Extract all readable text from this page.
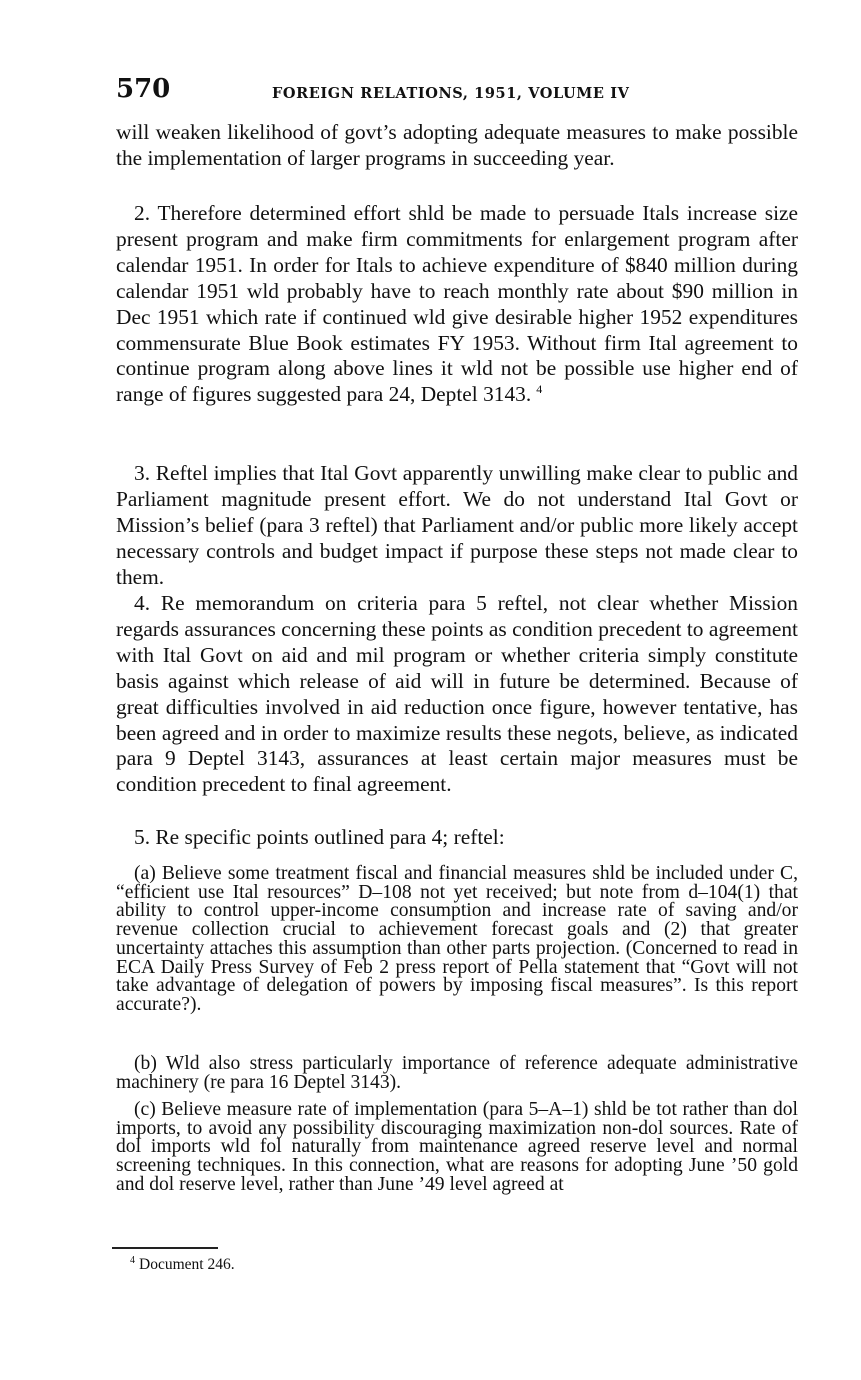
570	FOREIGN RELATIONS, 1951, VOLUME IV

will weaken likelihood of govt’s adopting adequate measures to make possible the implementation of larger programs in succeeding year.

2. Therefore determined effort shld be made to persuade Itals increase size present program and make firm commitments for enlargement program after calendar 1951. In order for Itals to achieve expenditure of $840 million during calendar 1951 wld probably have to reach monthly rate about $90 million in Dec 1951 which rate if continued wld give desirable higher 1952 expenditures commensurate Blue Book estimates FY 1953. Without firm Ital agreement to continue program along above lines it wld not be possible use higher end of range of figures suggested para 24, Deptel 3143. $^4$

3. Reftel implies that Ital Govt apparently unwilling make clear to public and Parliament magnitude present effort. We do not understand Ital Govt or Mission’s belief (para 3 reftel) that Parliament and/or public more likely accept necessary controls and budget impact if purpose these steps not made clear to them.

4. Re memorandum on criteria para 5 reftel, not clear whether Mission regards assurances concerning these points as condition precedent to agreement with Ital Govt on aid and mil program or whether criteria simply constitute basis against which release of aid will in future be determined. Because of great difficulties involved in aid reduction once figure, however tentative, has been agreed and in order to maximize results these negots, believe, as indicated para 9 Deptel 3143, assurances at least certain major measures must be condition precedent to final agreement.

5. Re specific points outlined para 4; reftel:

(a) Believe some treatment fiscal and financial measures shld be included under C, “efficient use Ital resources” D–108 not yet received; but note from d–104(1) that ability to control upper-income consumption and increase rate of saving and/or revenue collection crucial to achievement forecast goals and (2) that greater uncertainty attaches this assumption than other parts projection. (Concerned to read in ECA Daily Press Survey of Feb 2 press report of Pella statement that “Govt will not take advantage of delegation of powers by imposing fiscal measures”. Is this report accurate?).

(b) Wld also stress particularly importance of reference adequate administrative machinery (re para 16 Deptel 3143).

(c) Believe measure rate of implementation (para 5–A–1) shld be tot rather than dol imports, to avoid any possibility discouraging maximization non-dol sources. Rate of dol imports wld fol naturally from maintenance agreed reserve level and normal screening techniques. In this connection, what are reasons for adopting June ’50 gold and dol reserve level, rather than June ’49 level agreed at

$^4$ Document 246.
